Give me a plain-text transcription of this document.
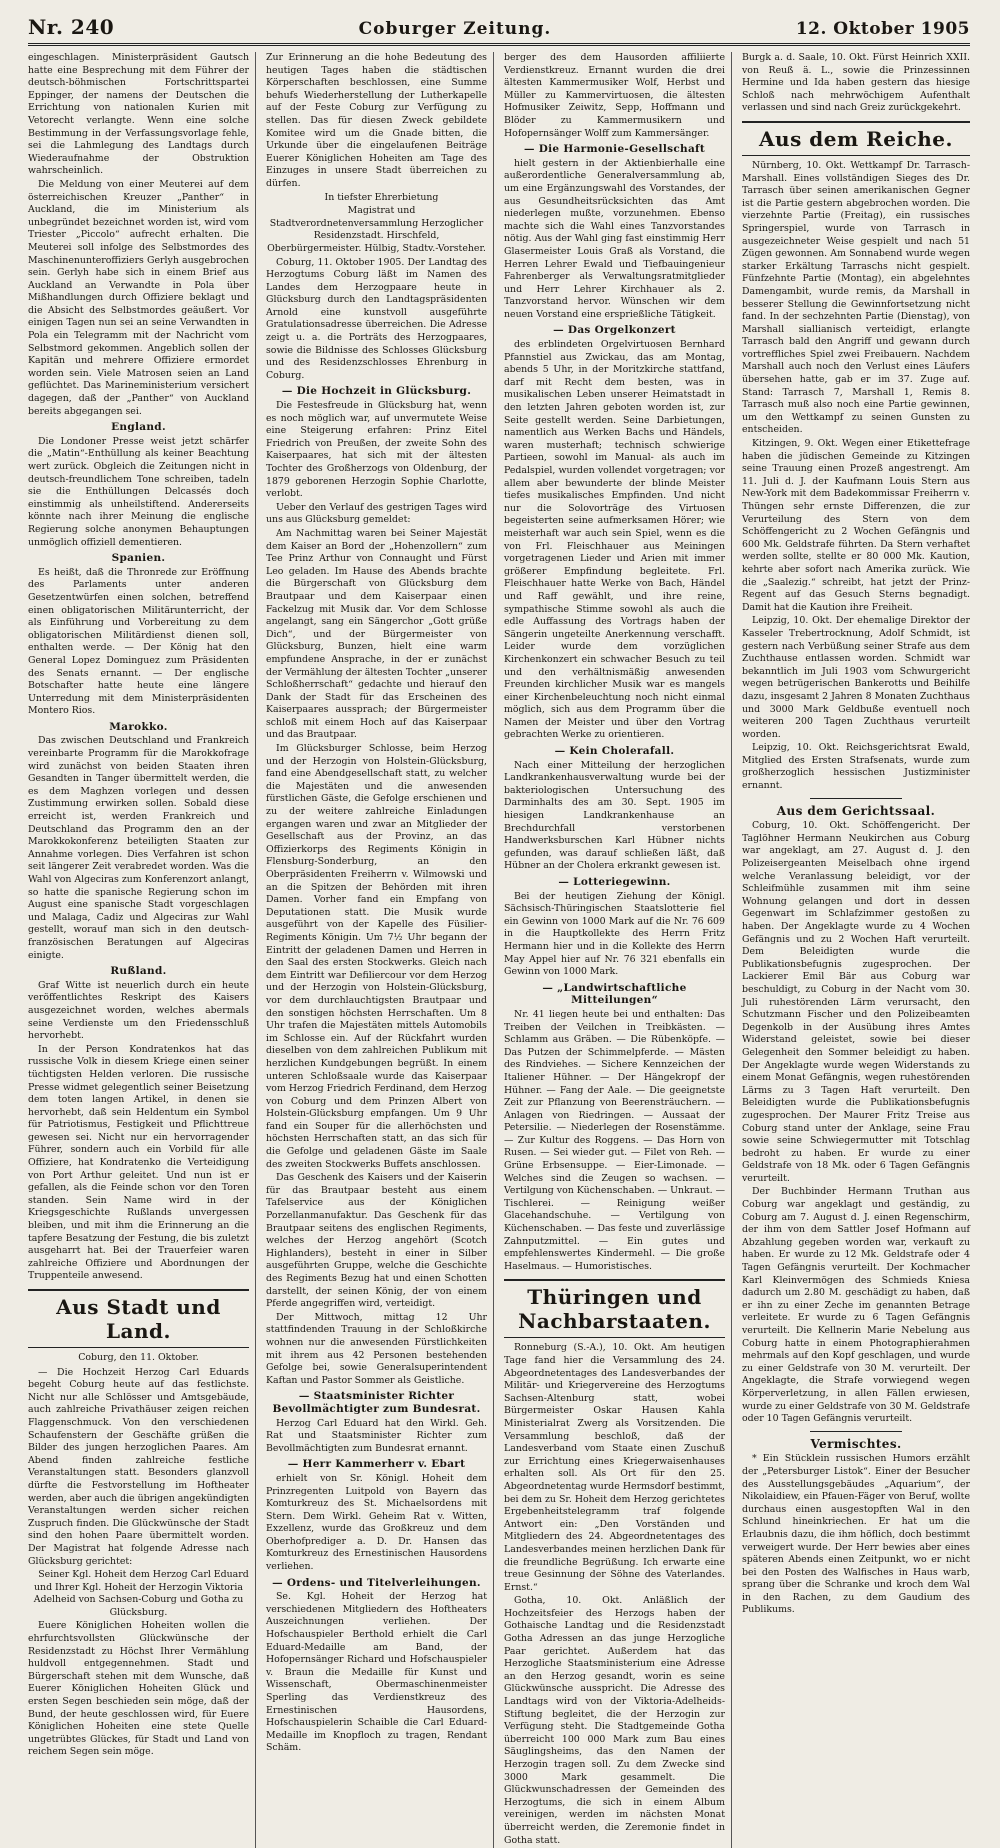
Nr. 240	Coburger Zeitung.	12. Oktober 1905

eingeschlagen. Ministerpräsident Gautsch hatte eine Besprechung mit dem Führer der deutsch-böhmischen Fortschrittspartei Eppinger, der namens der Deutschen die Errichtung von nationalen Kurien mit Vetorecht verlangte. Wenn eine solche Bestimmung in der Verfassungsvorlage fehle, sei die Lahmlegung des Landtags durch Wiederaufnahme der Obstruktion wahrscheinlich.

Die Meldung von einer Meuterei auf dem österreichischen Kreuzer „Panther“ in Auckland, die im Ministerium als unbegründet bezeichnet worden ist, wird vom Triester „Piccolo“ aufrecht erhalten. Die Meuterei soll infolge des Selbstmordes des Maschinenunteroffiziers Gerlyh ausgebrochen sein. Gerlyh habe sich in einem Brief aus Auckland an Verwandte in Pola über Mißhandlungen durch Offiziere beklagt und die Absicht des Selbstmordes geäußert. Vor einigen Tagen nun sei an seine Verwandten in Pola ein Telegramm mit der Nachricht vom Selbstmord gekommen. Angeblich sollen der Kapitän und mehrere Offiziere ermordet worden sein. Viele Matrosen seien an Land geflüchtet. Das Marineministerium versichert dagegen, daß der „Panther“ von Auckland bereits abgegangen sei.

England.

Die Londoner Presse weist jetzt schärfer die „Matin“-Enthüllung als keiner Beachtung wert zurück. Obgleich die Zeitungen nicht in deutsch-freundlichem Tone schreiben, tadeln sie die Enthüllungen Delcassés doch einstimmig als unheilstiftend. Andererseits könnte nach ihrer Meinung die englische Regierung solche anonymen Behauptungen unmöglich offiziell dementieren.

Spanien.

Es heißt, daß die Thronrede zur Eröffnung des Parlaments unter anderen Gesetzentwürfen einen solchen, betreffend einen obligatorischen Militärunterricht, der als Einführung und Vorbereitung zu dem obligatorischen Militärdienst dienen soll, enthalten werde. — Der König hat den General Lopez Dominguez zum Präsidenten des Senats ernannt. — Der englische Botschafter hatte heute eine längere Unterredung mit dem Ministerpräsidenten Montero Rios.

Marokko.

Das zwischen Deutschland und Frankreich vereinbarte Programm für die Marokkofrage wird zunächst von beiden Staaten ihren Gesandten in Tanger übermittelt werden, die es dem Maghzen vorlegen und dessen Zustimmung erwirken sollen. Sobald diese erreicht ist, werden Frankreich und Deutschland das Programm den an der Marokkokonferenz beteiligten Staaten zur Annahme vorlegen. Dies Verfahren ist schon seit längerer Zeit verabredet worden. Was die Wahl von Algeciras zum Konferenzort anlangt, so hatte die spanische Regierung schon im August eine spanische Stadt vorgeschlagen und Malaga, Cadiz und Algeciras zur Wahl gestellt, worauf man sich in den deutsch-französischen Beratungen auf Algeciras einigte.

Rußland.

Graf Witte ist neuerlich durch ein heute veröffentlichtes Reskript des Kaisers ausgezeichnet worden, welches abermals seine Verdienste um den Friedensschluß hervorhebt.

In der Person Kondratenkos hat das russische Volk in diesem Kriege einen seiner tüchtigsten Helden verloren. Die russische Presse widmet gelegentlich seiner Beisetzung dem toten langen Artikel, in denen sie hervorhebt, daß sein Heldentum ein Symbol für Patriotismus, Festigkeit und Pflichttreue gewesen sei. Nicht nur ein hervorragender Führer, sondern auch ein Vorbild für alle Offiziere, hat Kondratenko die Verteidigung von Port Arthur geleitet. Und nun ist er gefallen, als die Feinde schon vor den Toren standen. Sein Name wird in der Kriegsgeschichte Rußlands unvergessen bleiben, und mit ihm die Erinnerung an die tapfere Besatzung der Festung, die bis zuletzt ausgeharrt hat. Bei der Trauerfeier waren zahlreiche Offiziere und Abordnungen der Truppenteile anwesend.

Aus Stadt und Land.
Coburg, den 11. Oktober.

— Die Hochzeit Herzog Carl Eduards begeht Coburg heute auf das festlichste. Nicht nur alle Schlösser und Amtsgebäude, auch zahlreiche Privathäuser zeigen reichen Flaggenschmuck. Von den verschiedenen Schaufenstern der Geschäfte grüßen die Bilder des jungen herzoglichen Paares. Am Abend finden zahlreiche festliche Veranstaltungen statt. Besonders glanzvoll dürfte die Festvorstellung im Hoftheater werden, aber auch die übrigen angekündigten Veranstaltungen werden sicher reichen Zuspruch finden. Die Glückwünsche der Stadt sind den hohen Paare übermittelt worden. Der Magistrat hat folgende Adresse nach Glücksburg gerichtet:

Seiner Kgl. Hoheit dem Herzog Carl Eduard und Ihrer Kgl. Hoheit der Herzogin Viktoria Adelheid von Sachsen-Coburg und Gotha zu Glücksburg.

Euere Königlichen Hoheiten wollen die ehrfurchtsvollsten Glückwünsche der Residenzstadt zu Höchst Ihrer Vermählung huldvoll entgegennehmen. Stadt und Bürgerschaft stehen mit dem Wunsche, daß Euerer Königlichen Hoheiten Glück und ersten Segen beschieden sein möge, daß der Bund, der heute geschlossen wird, für Euere Königlichen Hoheiten eine stete Quelle ungetrübtes Glückes, für Stadt und Land von reichem Segen sein möge.

Zur Erinnerung an die hohe Bedeutung des heutigen Tages haben die städtischen Körperschaften beschlossen, eine Summe behufs Wiederherstellung der Lutherkapelle auf der Feste Coburg zur Verfügung zu stellen. Das für diesen Zweck gebildete Komitee wird um die Gnade bitten, die Urkunde über die eingelaufenen Beiträge Euerer Königlichen Hoheiten am Tage des Einzuges in unsere Stadt überreichen zu dürfen.

In tiefster Ehrerbietung

Magistrat und Stadtverordnetenversammlung Herzoglicher Residenzstadt. Hirschfeld, Oberbürgermeister. Hülbig, Stadtv.-Vorsteher.

Coburg, 11. Oktober 1905. Der Landtag des Herzogtums Coburg läßt im Namen des Landes dem Herzogpaare heute in Glücksburg durch den Landtagspräsidenten Arnold eine kunstvoll ausgeführte Gratulationsadresse überreichen. Die Adresse zeigt u. a. die Porträts des Herzogpaares, sowie die Bildnisse des Schlosses Glücksburg und des Residenzschlosses Ehrenburg in Coburg.

— Die Hochzeit in Glücksburg.

Die Festesfreude in Glücksburg hat, wenn es noch möglich war, auf unvermutete Weise eine Steigerung erfahren: Prinz Eitel Friedrich von Preußen, der zweite Sohn des Kaiserpaares, hat sich mit der ältesten Tochter des Großherzogs von Oldenburg, der 1879 geborenen Herzogin Sophie Charlotte, verlobt.

Ueber den Verlauf des gestrigen Tages wird uns aus Glücksburg gemeldet:

Am Nachmittag waren bei Seiner Majestät dem Kaiser an Bord der „Hohenzollern“ zum Tee Prinz Arthur von Connaught und Fürst Leo geladen. Im Hause des Abends brachte die Bürgerschaft von Glücksburg dem Brautpaar und dem Kaiserpaar einen Fackelzug mit Musik dar. Vor dem Schlosse angelangt, sang ein Sängerchor „Gott grüße Dich“, und der Bürgermeister von Glücksburg, Bunzen, hielt eine warm empfundene Ansprache, in der er zunächst der Vermählung der ältesten Tochter „unserer Schloßherrschaft“ gedachte und hierauf den Dank der Stadt für das Erscheinen des Kaiserpaares aussprach; der Bürgermeister schloß mit einem Hoch auf das Kaiserpaar und das Brautpaar.

Im Glücksburger Schlosse, beim Herzog und der Herzogin von Holstein-Glücksburg, fand eine Abendgesellschaft statt, zu welcher die Majestäten und die anwesenden fürstlichen Gäste, die Gefolge erschienen und zu der weitere zahlreiche Einladungen ergangen waren und zwar an Mitglieder der Gesellschaft aus der Provinz, an das Offizierkorps des Regiments Königin in Flensburg-Sonderburg, an den Oberpräsidenten Freiherrn v. Wilmowski und an die Spitzen der Behörden mit ihren Damen. Vorher fand ein Empfang von Deputationen statt. Die Musik wurde ausgeführt von der Kapelle des Füsilier-Regiments Königin. Um 7½ Uhr begann der Eintritt der geladenen Damen und Herren in den Saal des ersten Stockwerks. Gleich nach dem Eintritt war Defiliercour vor dem Herzog und der Herzogin von Holstein-Glücksburg, vor dem durchlauchtigsten Brautpaar und den sonstigen höchsten Herrschaften. Um 8 Uhr trafen die Majestäten mittels Automobils im Schlosse ein. Auf der Rückfahrt wurden dieselben von dem zahlreichen Publikum mit herzlichen Kundgebungen begrüßt. In einem unteren Schloßsaale wurde das Kaiserpaar vom Herzog Friedrich Ferdinand, dem Herzog von Coburg und dem Prinzen Albert von Holstein-Glücksburg empfangen. Um 9 Uhr fand ein Souper für die allerhöchsten und höchsten Herrschaften statt, an das sich für die Gefolge und geladenen Gäste im Saale des zweiten Stockwerks Buffets anschlossen.

Das Geschenk des Kaisers und der Kaiserin für das Brautpaar besteht aus einem Tafelservice aus der Königlichen Porzellanmanufaktur. Das Geschenk für das Brautpaar seitens des englischen Regiments, welches der Herzog angehört (Scotch Highlanders), besteht in einer in Silber ausgeführten Gruppe, welche die Geschichte des Regiments Bezug hat und einen Schotten darstellt, der seinen König, der von einem Pferde angegriffen wird, verteidigt.

Der Mittwoch, mittag 12 Uhr stattfindenden Trauung in der Schloßkirche wohnen nur die anwesenden Fürstlichkeiten mit ihrem aus 42 Personen bestehenden Gefolge bei, sowie Generalsuperintendent Kaftan und Pastor Sommer als Geistliche.

— Staatsminister Richter Bevollmächtigter zum Bundesrat.

Herzog Carl Eduard hat den Wirkl. Geh. Rat und Staatsminister Richter zum Bevollmächtigten zum Bundesrat ernannt.

— Herr Kammerherr v. Ebart

erhielt von Sr. Königl. Hoheit dem Prinzregenten Luitpold von Bayern das Komturkreuz des St. Michaelsordens mit Stern. Dem Wirkl. Geheim Rat v. Witten, Exzellenz, wurde das Großkreuz und dem Oberhofprediger a. D. Dr. Hansen das Komturkreuz des Ernestinischen Hausordens verliehen.

— Ordens- und Titelverleihungen.

Se. Kgl. Hoheit der Herzog hat verschiedenen Mitgliedern des Hoftheaters Auszeichnungen verliehen. Der Hofschauspieler Berthold erhielt die Carl Eduard-Medaille am Band, der Hofopernsänger Richard und Hofschauspieler v. Braun die Medaille für Kunst und Wissenschaft, Obermaschinenmeister Sperling das Verdienstkreuz des Ernestinischen Hausordens, Hofschauspielerin Schaible die Carl Eduard-Medaille im Knopfloch zu tragen, Rendant Schäm.

berger des dem Hausorden affiliierte Verdienstkreuz. Ernannt wurden die drei ältesten Kammermusiker Wolf, Herbst und Müller zu Kammervirtuosen, die ältesten Hofmusiker Zeiwitz, Sepp, Hoffmann und Blöder zu Kammermusikern und Hofopernsänger Wolff zum Kammersänger.

— Die Harmonie-Gesellschaft

hielt gestern in der Aktienbierhalle eine außerordentliche Generalversammlung ab, um eine Ergänzungswahl des Vorstandes, der aus Gesundheitsrücksichten das Amt niederlegen mußte, vorzunehmen. Ebenso machte sich die Wahl eines Tanzvorstandes nötig. Aus der Wahl ging fast einstimmig Herr Glasermeister Louis Graß als Vorstand, die Herren Lehrer Ewald und Tiefbauingenieur Fahrenberger als Verwaltungsratmitglieder und Herr Lehrer Kirchhauer als 2. Tanzvorstand hervor. Wünschen wir dem neuen Vorstand eine ersprießliche Tätigkeit.

— Das Orgelkonzert

des erblindeten Orgelvirtuosen Bernhard Pfannstiel aus Zwickau, das am Montag, abends 5 Uhr, in der Moritzkirche stattfand, darf mit Recht dem besten, was in musikalischen Leben unserer Heimatstadt in den letzten Jahren geboten worden ist, zur Seite gestellt werden. Seine Darbietungen, namentlich aus Werken Bachs und Händels, waren musterhaft; technisch schwierige Partieen, sowohl im Manual- als auch im Pedalspiel, wurden vollendet vorgetragen; vor allem aber bewunderte der blinde Meister tiefes musikalisches Empfinden. Und nicht nur die Solovorträge des Virtuosen begeisterten seine aufmerksamen Hörer; wie meisterhaft war auch sein Spiel, wenn es die von Frl. Fleischhauer aus Meiningen vorgetragenen Lieder und Arien mit immer größerer Empfindung begleitete. Frl. Fleischhauer hatte Werke von Bach, Händel und Raff gewählt, und ihre reine, sympathische Stimme sowohl als auch die edle Auffassung des Vortrags haben der Sängerin ungeteilte Anerkennung verschafft. Leider wurde dem vorzüglichen Kirchenkonzert ein schwacher Besuch zu teil und den verhältnismäßig anwesenden Freunden kirchlicher Musik war es mangels einer Kirchenbeleuchtung noch nicht einmal möglich, sich aus dem Programm über die Namen der Meister und über den Vortrag gebrachten Werke zu orientieren.

— Kein Cholerafall.

Nach einer Mitteilung der herzoglichen Landkrankenhausverwaltung wurde bei der bakteriologischen Untersuchung des Darminhalts des am 30. Sept. 1905 im hiesigen Landkrankenhause an Brechdurchfall verstorbenen Handwerksburschen Karl Hübner nichts gefunden, was darauf schließen läßt, daß Hübner an der Cholera erkrankt gewesen ist.

— Lotteriegewinn.

Bei der heutigen Ziehung der Königl. Sächsisch-Thüringischen Staatslotterie fiel ein Gewinn von 1000 Mark auf die Nr. 76 609 in die Hauptkollekte des Herrn Fritz Hermann hier und in die Kollekte des Herrn May Appel hier auf Nr. 76 321 ebenfalls ein Gewinn von 1000 Mark.

— „Landwirtschaftliche Mitteilungen“

Nr. 41 liegen heute bei und enthalten: Das Treiben der Veilchen in Treibkästen. — Schlamm aus Gräben. — Die Rübenköpfe. — Das Putzen der Schimmelpferde. — Mästen des Rindviehes. — Sichere Kennzeichen der Italiener Hühner. — Der Hängekropf der Hühner. — Fang der Aale. — Die geeignetste Zeit zur Pflanzung von Beerensträuchern. — Anlagen von Riedringen. — Aussaat der Petersilie. — Niederlegen der Rosenstämme. — Zur Kultur des Roggens. — Das Horn von Rusen. — Sei wieder gut. — Filet von Reh. — Grüne Erbsensuppe. — Eier-Limonade. — Welches sind die Zeugen so wachsen. — Vertilgung von Küchenschaben. — Unkraut. — Tischlerei. — Reinigung weißer Glacehandschuhe. — Vertilgung von Küchenschaben. — Das feste und zuverlässige Zahnputzmittel. — Ein gutes und empfehlenswertes Kindermehl. — Die große Haselmaus. — Humoristisches.

Thüringen und Nachbarstaaten.

Ronneburg (S.-A.), 10. Okt. Am heutigen Tage fand hier die Versammlung des 24. Abgeordnetentages des Landesverbandes der Militär- und Kriegervereine des Herzogtums Sachsen-Altenburg statt, wobei Bürgermeister Oskar Hausen Kahla Ministerialrat Zwerg als Vorsitzenden. Die Versammlung beschloß, daß der Landesverband vom Staate einen Zuschuß zur Errichtung eines Kriegerwaisenhauses erhalten soll. Als Ort für den 25. Abgeordnetentag wurde Hermsdorf bestimmt, bei dem zu Sr. Hoheit dem Herzog gerichtetes Ergebenheitstelegramm traf folgende Antwort ein: „Den Vorständen und Mitgliedern des 24. Abgeordnetentages des Landesverbandes meinen herzlichen Dank für die freundliche Begrüßung. Ich erwarte eine treue Gesinnung der Söhne des Vaterlandes. Ernst.“

Gotha, 10. Okt. Anläßlich der Hochzeitsfeier des Herzogs haben der Gothaische Landtag und die Residenzstadt Gotha Adressen an das junge Herzogliche Paar gerichtet. Außerdem hat das Herzogliche Staatsministerium eine Adresse an den Herzog gesandt, worin es seine Glückwünsche ausspricht. Die Adresse des Landtags wird von der Viktoria-Adelheids-Stiftung begleitet, die der Herzogin zur Verfügung steht. Die Stadtgemeinde Gotha überreicht 100 000 Mark zum Bau eines Säuglingsheims, das den Namen der Herzogin tragen soll. Zu dem Zwecke sind 3000 Mark gesammelt. Die Glückwunschadressen der Gemeinden des Herzogtums, die sich in einem Album vereinigen, werden im nächsten Monat überreicht werden, die Zeremonie findet in Gotha statt.

Burgk a. d. Saale, 10. Okt. Fürst Heinrich XXII. von Reuß ä. L., sowie die Prinzessinnen Hermine und Ida haben gestern das hiesige Schloß nach mehrwöchigem Aufenthalt verlassen und sind nach Greiz zurückgekehrt.

Aus dem Reiche.

Nürnberg, 10. Okt. Wettkampf Dr. Tarrasch-Marshall. Eines vollständigen Sieges des Dr. Tarrasch über seinen amerikanischen Gegner ist die Partie gestern abgebrochen worden. Die vierzehnte Partie (Freitag), ein russisches Springerspiel, wurde von Tarrasch in ausgezeichneter Weise gespielt und nach 51 Zügen gewonnen. Am Sonnabend wurde wegen starker Erkältung Tarraschs nicht gespielt. Fünfzehnte Partie (Montag), ein abgelehntes Damengambit, wurde remis, da Marshall in besserer Stellung die Gewinnfortsetzung nicht fand. In der sechzehnten Partie (Dienstag), von Marshall siallianisch verteidigt, erlangte Tarrasch bald den Angriff und gewann durch vortreffliches Spiel zwei Freibauern. Nachdem Marshall auch noch den Verlust eines Läufers übersehen hatte, gab er im 37. Zuge auf. Stand: Tarrasch 7, Marshall 1, Remis 8. Tarrasch muß also noch eine Partie gewinnen, um den Wettkampf zu seinen Gunsten zu entscheiden.

Kitzingen, 9. Okt. Wegen einer Etikettefrage haben die jüdischen Gemeinde zu Kitzingen seine Trauung einen Prozeß angestrengt. Am 11. Juli d. J. der Kaufmann Louis Stern aus New-York mit dem Badekommissar Freiherrn v. Thüngen sehr ernste Differenzen, die zur Verurteilung des Stern von dem Schöffengericht zu 2 Wochen Gefängnis und 600 Mk. Geldstrafe führten. Da Stern verhaftet werden sollte, stellte er 80 000 Mk. Kaution, kehrte aber sofort nach Amerika zurück. Wie die „Saalezig.“ schreibt, hat jetzt der Prinz-Regent auf das Gesuch Sterns begnadigt. Damit hat die Kaution ihre Freiheit.

Leipzig, 10. Okt. Der ehemalige Direktor der Kasseler Trebertrocknung, Adolf Schmidt, ist gestern nach Verbüßung seiner Strafe aus dem Zuchthause entlassen worden. Schmidt war bekanntlich im Juli 1903 vom Schwurgericht wegen betrügerischen Bankerotts und Beihilfe dazu, insgesamt 2 Jahren 8 Monaten Zuchthaus und 3000 Mark Geldbuße eventuell noch weiteren 200 Tagen Zuchthaus verurteilt worden.

Leipzig, 10. Okt. Reichsgerichtsrat Ewald, Mitglied des Ersten Strafsenats, wurde zum großherzoglich hessischen Justizminister ernannt.

Aus dem Gerichtssaal.

Coburg, 10. Okt. Schöffengericht. Der Taglöhner Hermann Neukirchen aus Coburg war angeklagt, am 27. August d. J. den Polizeisergeanten Meiselbach ohne irgend welche Veranlassung beleidigt, vor der Schleifmühle zusammen mit ihm seine Wohnung gelangen und dort in dessen Gegenwart im Schlafzimmer gestoßen zu haben. Der Angeklagte wurde zu 4 Wochen Gefängnis und zu 2 Wochen Haft verurteilt. Dem Beleidigten wurde die Publikationsbefugnis zugesprochen. Der Lackierer Emil Bär aus Coburg war beschuldigt, zu Coburg in der Nacht vom 30. Juli ruhestörenden Lärm verursacht, den Schutzmann Fischer und den Polizeibeamten Degenkolb in der Ausübung ihres Amtes Widerstand geleistet, sowie bei dieser Gelegenheit den Sommer beleidigt zu haben. Der Angeklagte wurde wegen Widerstands zu einem Monat Gefängnis, wegen ruhestörenden Lärms zu 3 Tagen Haft verurteilt. Den Beleidigten wurde die Publikationsbefugnis zugesprochen. Der Maurer Fritz Treise aus Coburg stand unter der Anklage, seine Frau sowie seine Schwiegermutter mit Totschlag bedroht zu haben. Er wurde zu einer Geldstrafe von 18 Mk. oder 6 Tagen Gefängnis verurteilt.

Der Buchbinder Hermann Truthan aus Coburg war angeklagt und geständig, zu Coburg am 7. August d. J. einen Regenschirm, der ihm von dem Sattler Josef Hofmann auf Abzahlung gegeben worden war, verkauft zu haben. Er wurde zu 12 Mk. Geldstrafe oder 4 Tagen Gefängnis verurteilt. Der Kochmacher Karl Kleinvermögen des Schmieds Kniesa dadurch um 2.80 M. geschädigt zu haben, daß er ihn zu einer Zeche im genannten Betrage verleitete. Er wurde zu 6 Tagen Gefängnis verurteilt. Die Kellnerin Marie Nebelung aus Coburg hatte in einem Photographierahmen mehrmals auf den Kopf geschlagen, und wurde zu einer Geldstrafe von 30 M. verurteilt. Der Angeklagte, die Strafe vorwiegend wegen Körperverletzung, in allen Fällen erwiesen, wurde zu einer Geldstrafe von 30 M. Geldstrafe oder 10 Tagen Gefängnis verurteilt.

Vermischtes.

* Ein Stücklein russischen Humors erzählt der „Petersburger Listok“. Einer der Besucher des Ausstellungsgebäudes „Aquarium“, der Nikolaidiew, ein Pfauen-Fäger von Beruf, wollte durchaus einen ausgestopften Wal in den Schlund hineinkriechen. Er hat um die Erlaubnis dazu, die ihm höflich, doch bestimmt verweigert wurde. Der Herr bewies aber eines späteren Abends einen Zeitpunkt, wo er nicht bei den Posten des Walfisches in Haus warb, sprang über die Schranke und kroch dem Wal in den Rachen, zu dem Gaudium des Publikums.
